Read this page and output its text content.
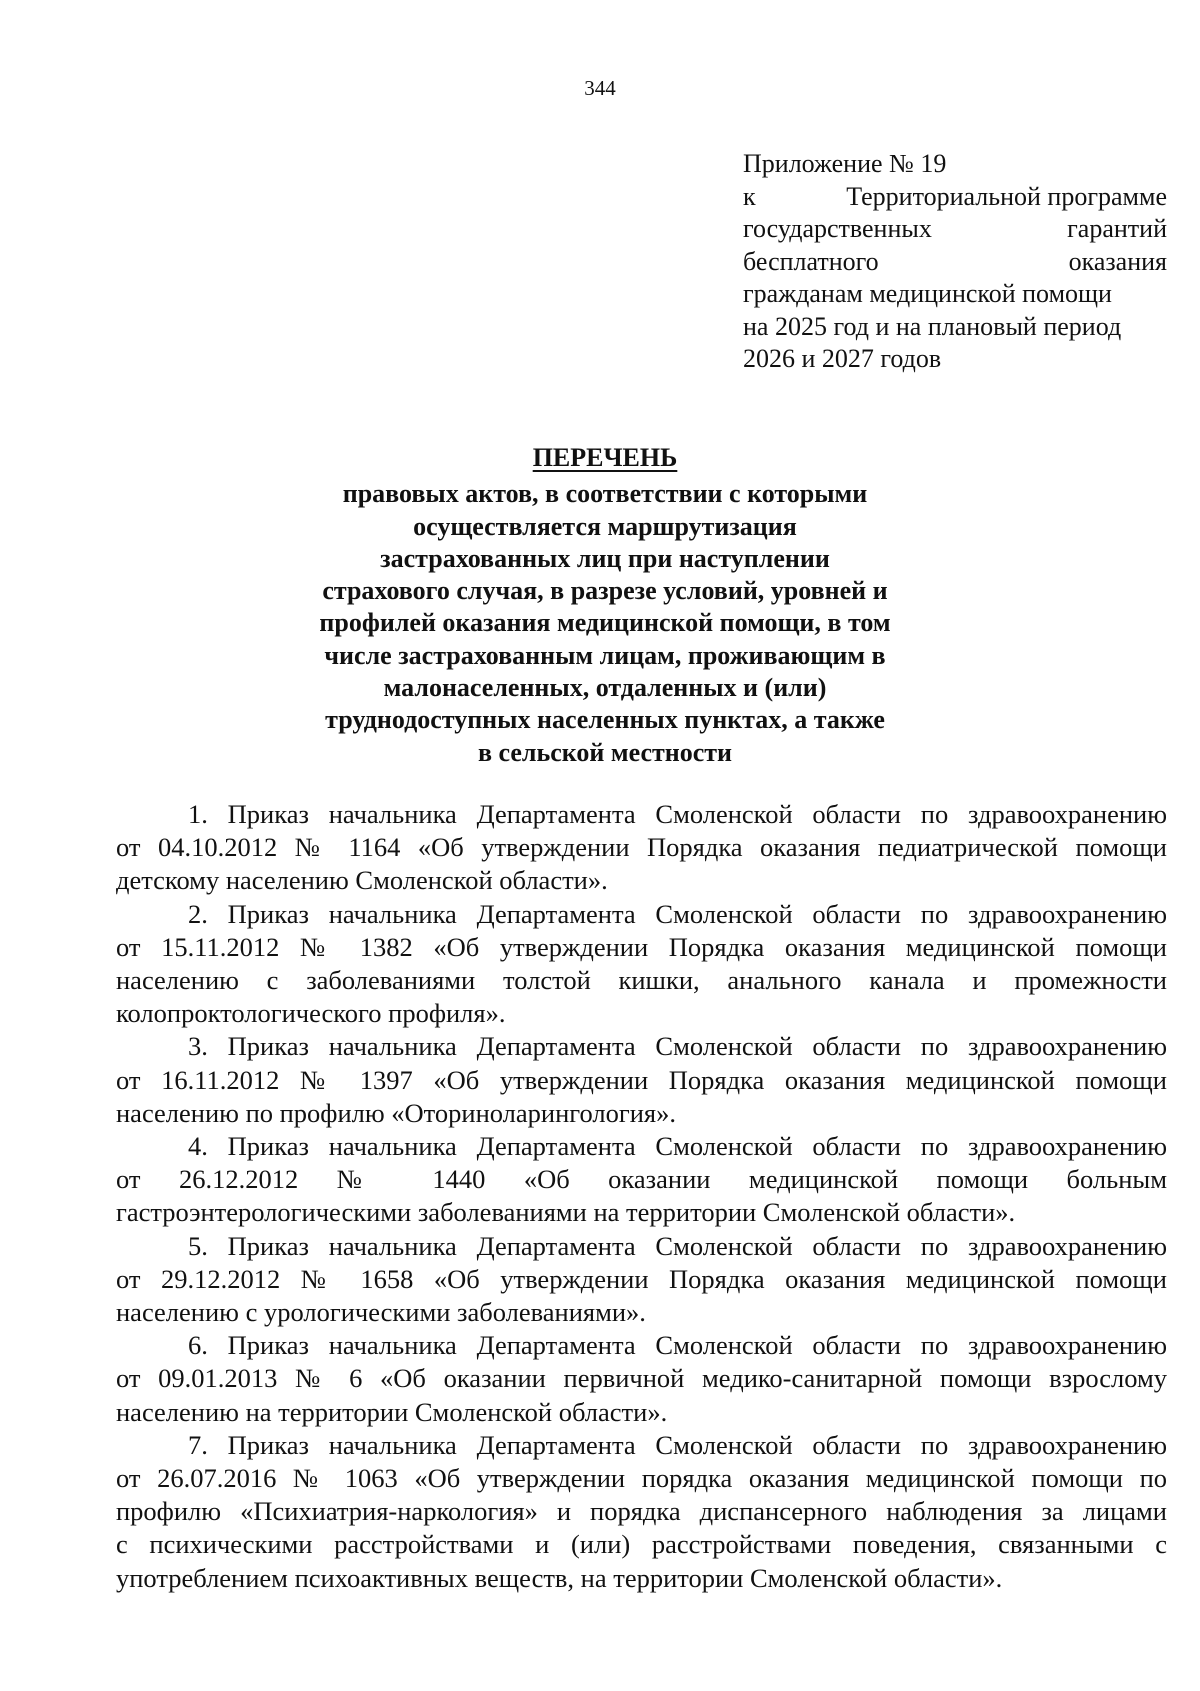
344
Приложение № 19
к	Территориальной программе
государственных	гарантий
бесплатного	оказания
гражданам медицинской помощи
на 2025 год и на плановый период
2026 и 2027 годов
ПЕРЕЧЕНЬ
правовых актов, в соответствии с которыми
осуществляется маршрутизация
застрахованных лиц при наступлении
страхового случая, в разрезе условий, уровней и
профилей оказания медицинской помощи, в том
числе застрахованным лицам, проживающим в
малонаселенных, отдаленных и (или)
труднодоступных населенных пунктах, а также
в сельской местности

1. Приказ начальника Департамента Смоленской области по здравоохранению
от 04.10.2012 № 1164 «Об утверждении Порядка оказания педиатрической помощи
детскому населению Смоленской области».

2. Приказ начальника Департамента Смоленской области по здравоохранению
от 15.11.2012 № 1382 «Об утверждении Порядка оказания медицинской помощи
населению с заболеваниями толстой кишки, анального канала и промежности
колопроктологического профиля».

3. Приказ начальника Департамента Смоленской области по здравоохранению
от 16.11.2012 № 1397 «Об утверждении Порядка оказания медицинской помощи
населению по профилю «Оториноларингология».

4. Приказ начальника Департамента Смоленской области по здравоохранению
от 26.12.2012 № 1440 «Об оказании медицинской помощи больным
гастроэнтерологическими заболеваниями на территории Смоленской области».

5. Приказ начальника Департамента Смоленской области по здравоохранению
от 29.12.2012 № 1658 «Об утверждении Порядка оказания медицинской помощи
населению с урологическими заболеваниями».

6. Приказ начальника Департамента Смоленской области по здравоохранению
от 09.01.2013 № 6 «Об оказании первичной медико-санитарной помощи взрослому
населению на территории Смоленской области».

7. Приказ начальника Департамента Смоленской области по здравоохранению
от 26.07.2016 № 1063 «Об утверждении порядка оказания медицинской помощи по
профилю «Психиатрия-наркология» и порядка диспансерного наблюдения за лицами
с психическими расстройствами и (или) расстройствами поведения, связанными с
употреблением психоактивных веществ, на территории Смоленской области».
